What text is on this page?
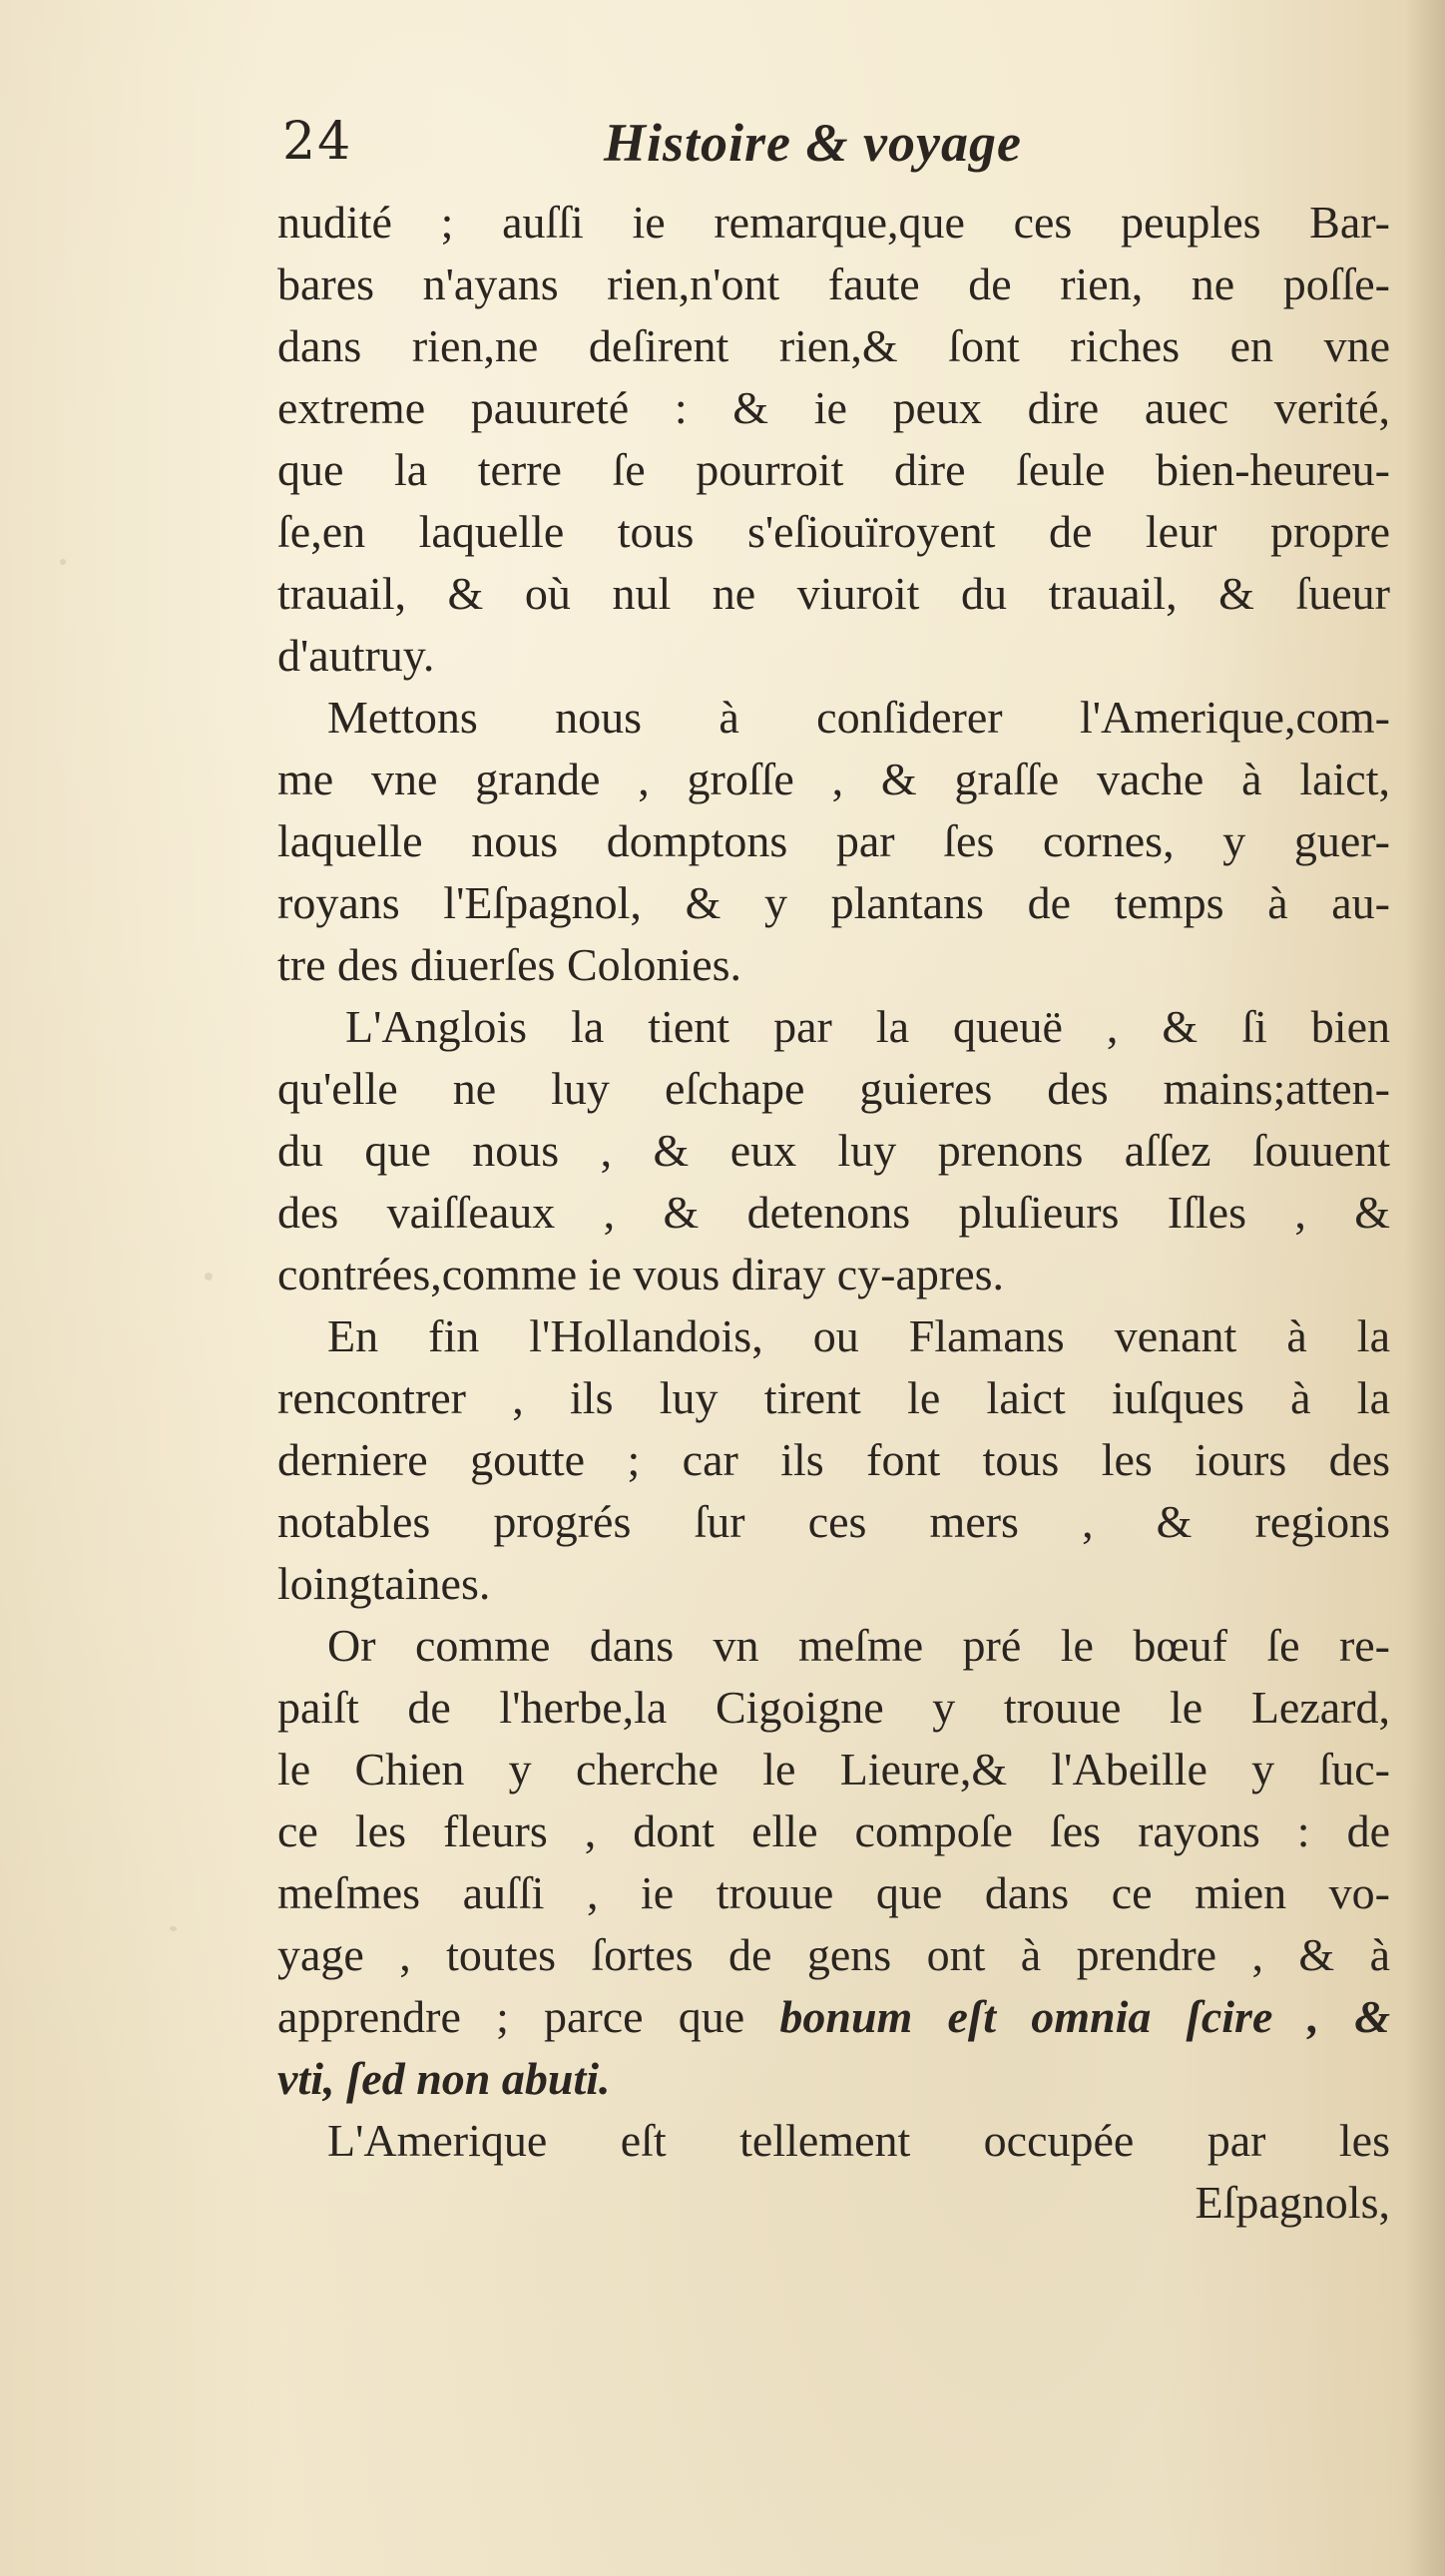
24	Histoire & voyage
nudité ; auſſi ie remarque,que ces peuples Bar-
bares n'ayans rien,n'ont faute de rien, ne poſſe-
dans rien,ne deſirent rien,& ſont riches en vne
extreme pauureté : & ie peux dire auec verité,
que la terre ſe pourroit dire ſeule bien-heureu-
ſe,en laquelle tous s'eſiouïroyent de leur propre
trauail, & où nul ne viuroit du trauail, & ſueur
d'autruy.
Mettons nous à conſiderer l'Amerique,com-
me vne grande , groſſe , & graſſe vache à laict,
laquelle nous domptons par ſes cornes, y guer-
royans l'Eſpagnol, & y plantans de temps à au-
tre des diuerſes Colonies.
L'Anglois la tient par la queuë , & ſi bien
qu'elle ne luy eſchape guieres des mains;atten-
du que nous , & eux luy prenons aſſez ſouuent
des vaiſſeaux , & detenons pluſieurs Iſles , &
contrées,comme ie vous diray cy-apres.
En fin l'Hollandois, ou Flamans venant à la
rencontrer , ils luy tirent le laict iuſques à la
derniere goutte ; car ils font tous les iours des
notables progrés ſur ces mers , & regions
loingtaines.
Or comme dans vn meſme pré le bœuf ſe re-
paiſt de l'herbe,la Cigoigne y trouue le Lezard,
le Chien y cherche le Lieure,& l'Abeille y ſuc-
ce les fleurs , dont elle compoſe ſes rayons : de
meſmes auſſi , ie trouue que dans ce mien vo-
yage , toutes ſortes de gens ont à prendre , & à
apprendre ; parce que bonum eſt omnia ſcire , &
vti, ſed non abuti.
L'Amerique eſt tellement occupée par les
Eſpagnols,
